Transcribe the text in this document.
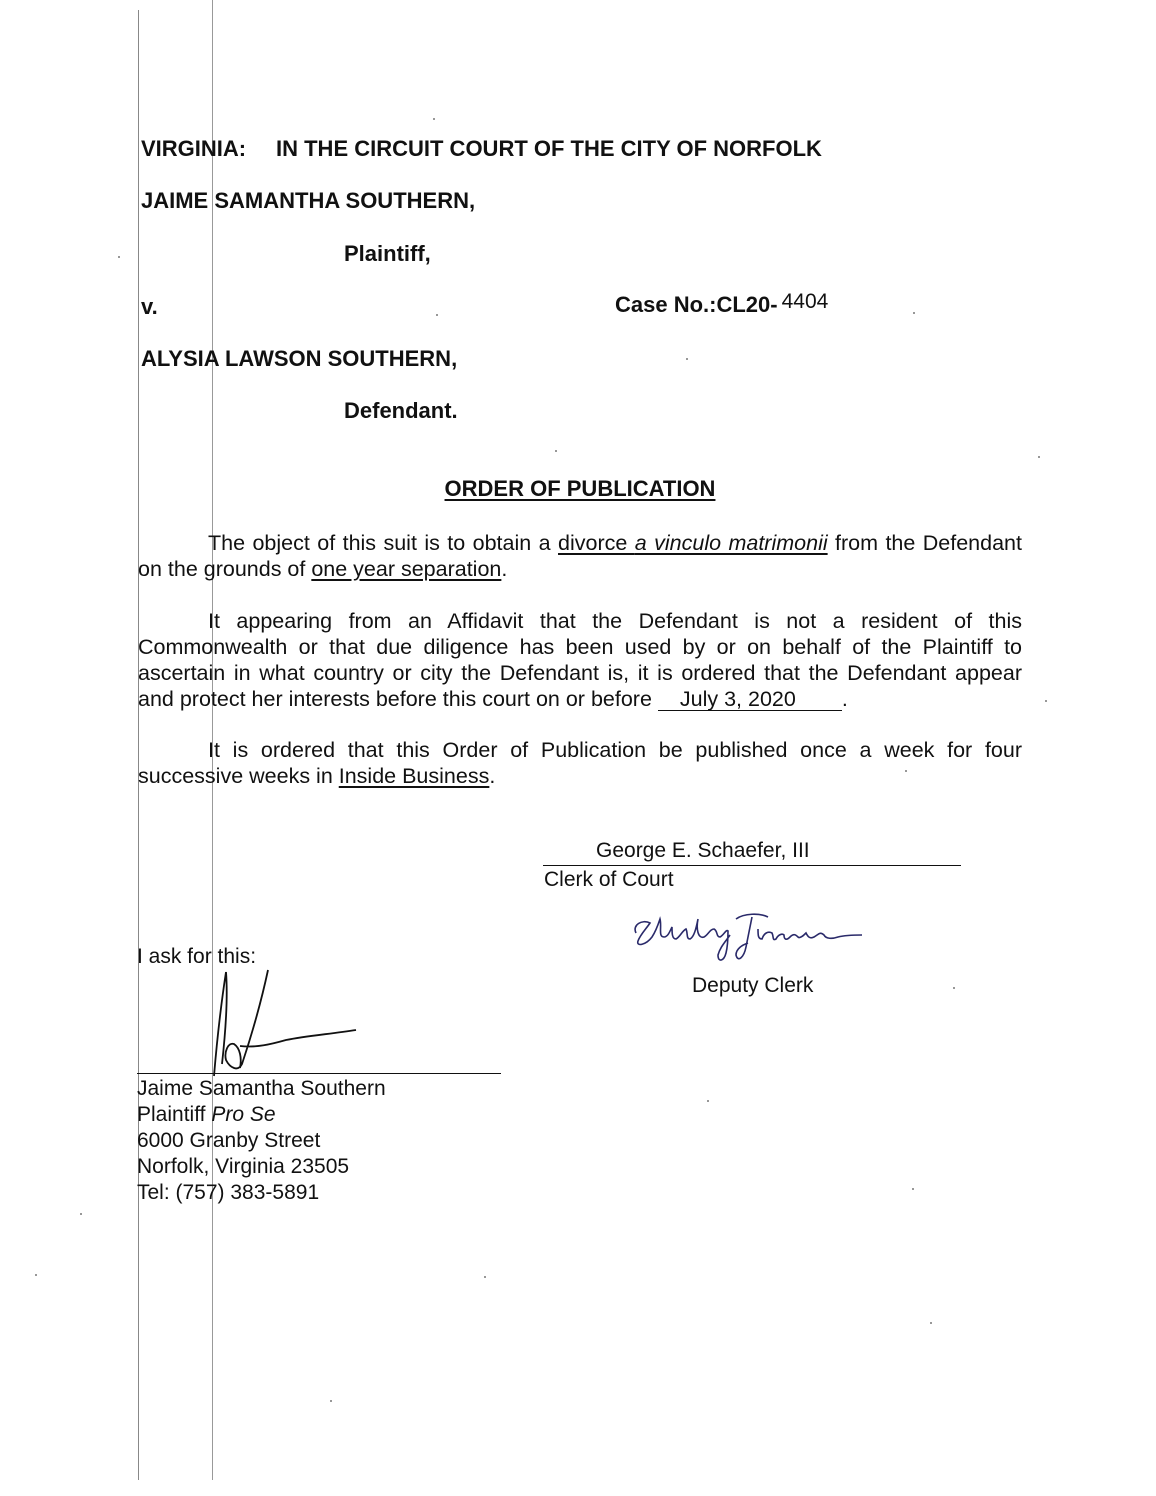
VIRGINIA: IN THE CIRCUIT COURT OF THE CITY OF NORFOLK
JAIME SAMANTHA SOUTHERN,
Plaintiff,
v.	Case No.:CL20- 4404
ALYSIA LAWSON SOUTHERN,
Defendant.
ORDER OF PUBLICATION
The object of this suit is to obtain a divorce a vinculo matrimonii from the Defendant on the grounds of one year separation.
It appearing from an Affidavit that the Defendant is not a resident of this Commonwealth or that due diligence has been used by or on behalf of the Plaintiff to ascertain in what country or city the Defendant is, it is ordered that the Defendant appear and protect her interests before this court on or before July 3, 2020 .
It is ordered that this Order of Publication be published once a week for four successive weeks in Inside Business.
George E. Schaefer, III
Clerk of Court
Deputy Clerk
I ask for this:
Jaime Samantha Southern
Plaintiff Pro Se
6000 Granby Street
Norfolk, Virginia 23505
Tel: (757) 383-5891
